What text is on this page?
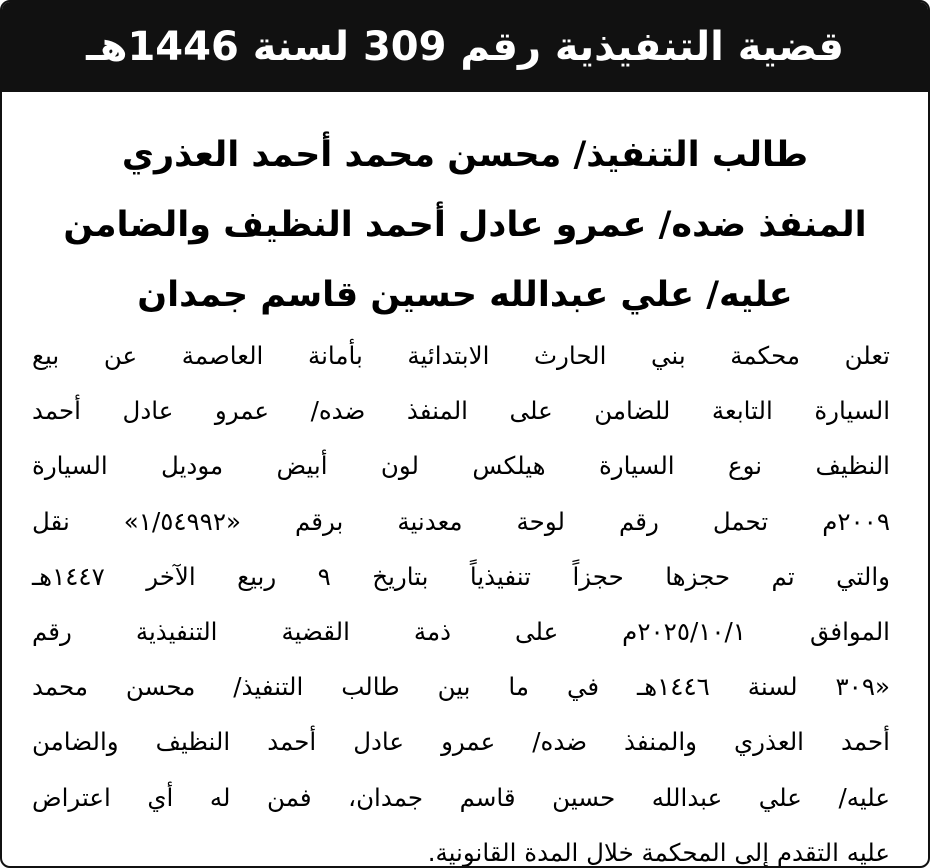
قضية التنفيذية رقم 309 لسنة 1446هـ
طالب التنفيذ/ محسن محمد أحمد العذري
المنفذ ضده/ عمرو عادل أحمد النظيف والضامن
عليه/ علي عبدالله حسين قاسم جمدان
تعلن محكمة بني الحارث الابتدائية بأمانة العاصمة عن بيع
السيارة التابعة للضامن على المنفذ ضده/ عمرو عادل أحمد
النظيف نوع السيارة هيلكس لون أبيض موديل السيارة
٢٠٠٩م تحمل رقم لوحة معدنية برقم «١/٥٤٩٩٢» نقل
والتي تم حجزها حجزاً تنفيذياً بتاريخ ٩ ربيع الآخر ١٤٤٧هـ
الموافق ٢٠٢٥/١٠/١م على ذمة القضية التنفيذية رقم
«٣٠٩ لسنة ١٤٤٦هـ في ما بين طالب التنفيذ/ محسن محمد
أحمد العذري والمنفذ ضده/ عمرو عادل أحمد النظيف والضامن
عليه/ علي عبدالله حسين قاسم جمدان، فمن له أي اعتراض
عليه التقدم إلى المحكمة خلال المدة القانونية.
